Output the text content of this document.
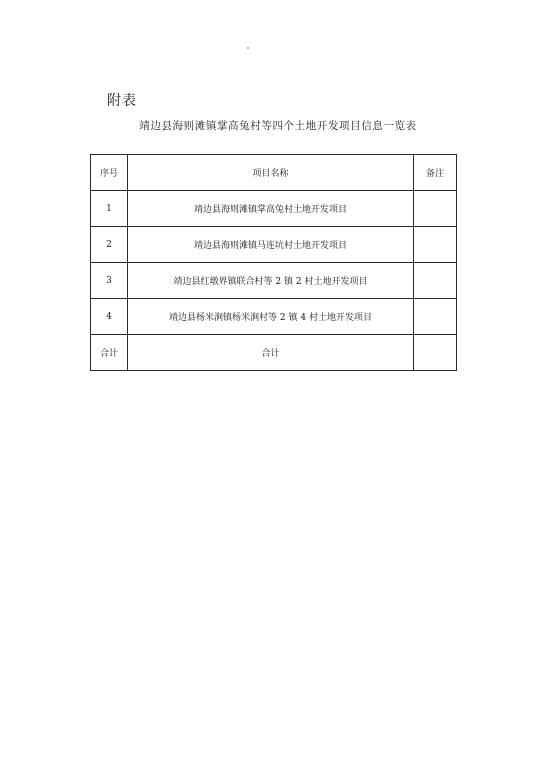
附表
靖边县海则滩镇掌高兔村等四个土地开发项目信息一览表
序号	项目名称	备注
1	靖边县海则滩镇掌高兔村土地开发项目	
2	靖边县海则滩镇马连坑村土地开发项目	
3	靖边县红墩界镇联合村等 2 镇 2 村土地开发项目	
4	靖边县杨米涧镇杨米涧村等 2 镇 4 村土地开发项目	
合计	合计	
